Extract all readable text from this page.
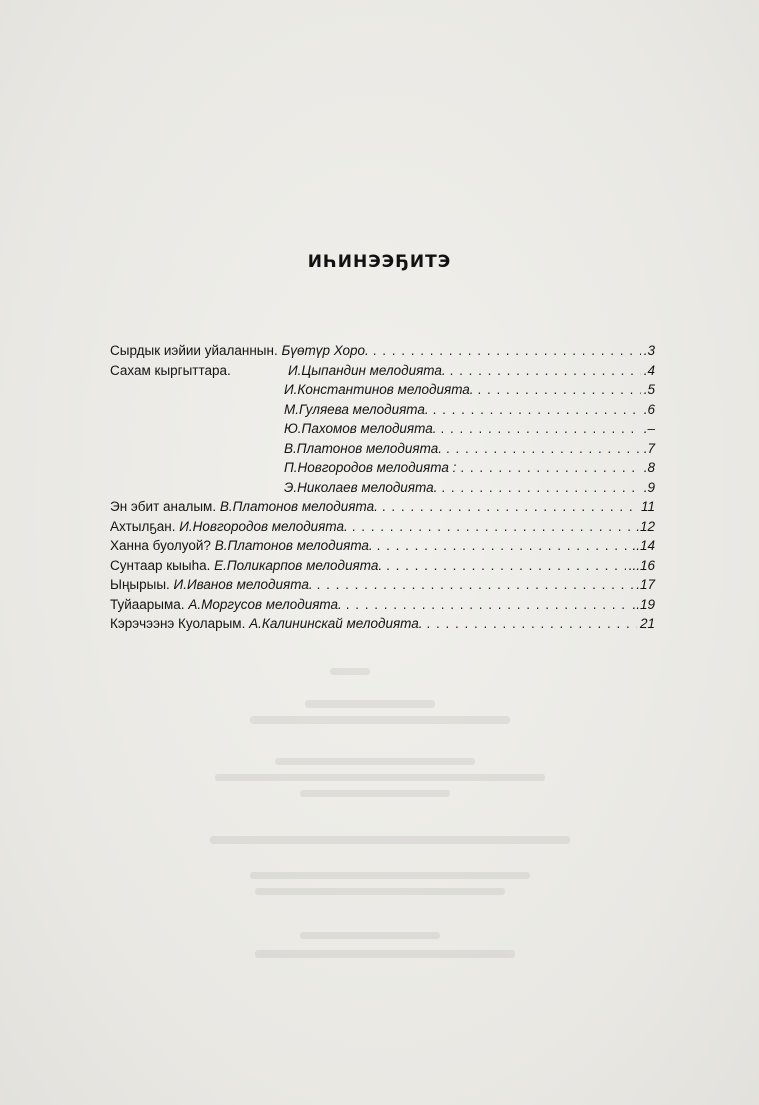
ИҺИНЭЭҔИТЭ
Сырдык иэйии уйаланнын. Бүөтүр Хоро. . . .	.3
Сахам кыргыттара.	И.Цыпандин мелодията. . . .	.4
И.Константинов мелодията. . . .	.5
М.Гуляева мелодията. . . .	.6
Ю.Пахомов мелодията. . . .	.–
В.Платонов мелодията. . . .	.7
П.Новгородов мелодията : . . .	.8
Э.Николаев мелодията. . . .	.9
Эн эбит аналым. В.Платонов мелодията. . . .	11
Ахтылҕан. И.Новгородов мелодията. . . .	.12
Ханна буолуой? В.Платонов мелодията. . . .	..14
Сунтаар кыыһа. Е.Поликарпов мелодията. . . .	...16
Ыңырыы. И.Иванов мелодията. . . .	.17
Туйаарыма. А.Моргусов мелодията. . . .	..19
Кэрэчээнэ Куоларым. А.Калининскай мелодията. . . .	21
